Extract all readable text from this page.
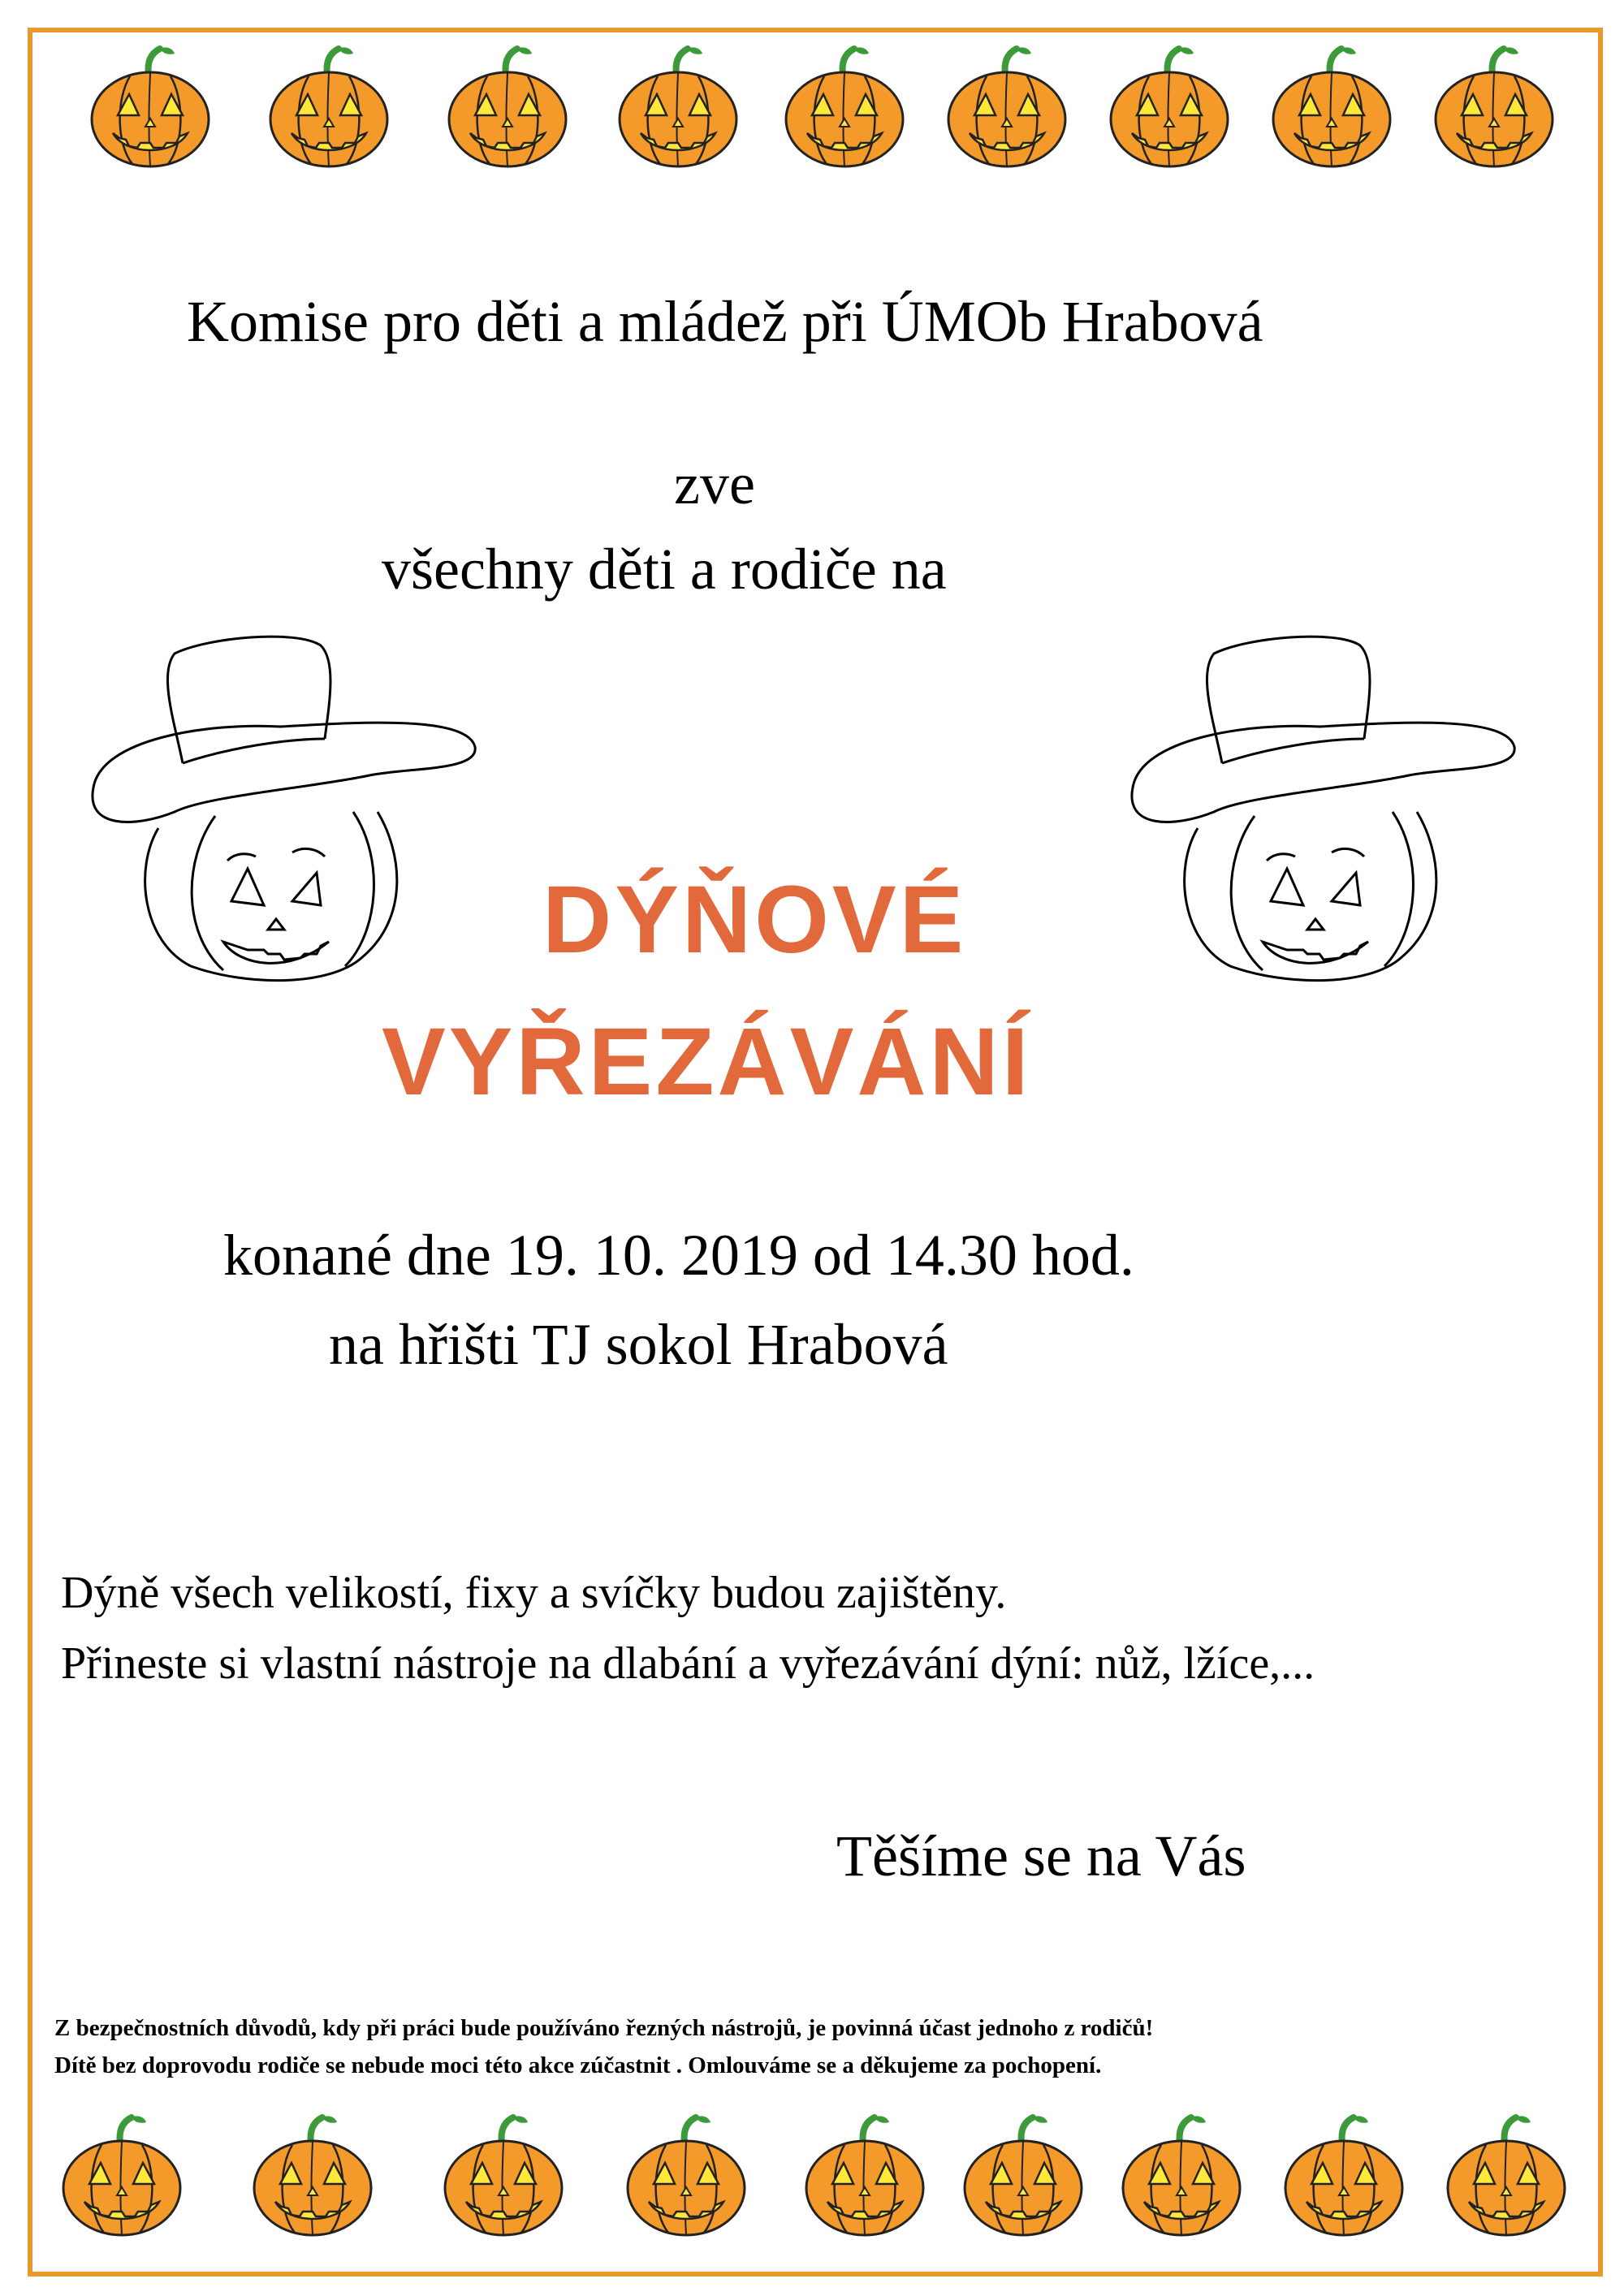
Komise pro děti a mládež při ÚMOb Hrabová
zve
všechny děti a rodiče na
DÝŇOVÉ
VYŘEZÁVÁNÍ
konané dne 19. 10. 2019 od 14.30 hod.
na hřišti TJ sokol Hrabová
Dýně všech velikostí, fixy a svíčky budou zajištěny.
Přineste si vlastní nástroje na dlabání a vyřezávání dýní: nůž, lžíce,...
Těšíme se na Vás
Z bezpečnostních důvodů, kdy při práci bude používáno řezných nástrojů, je povinná účast jednoho z rodičů!
Dítě bez doprovodu rodiče se nebude moci této akce zúčastnit . Omlouváme se a děkujeme za pochopení.
